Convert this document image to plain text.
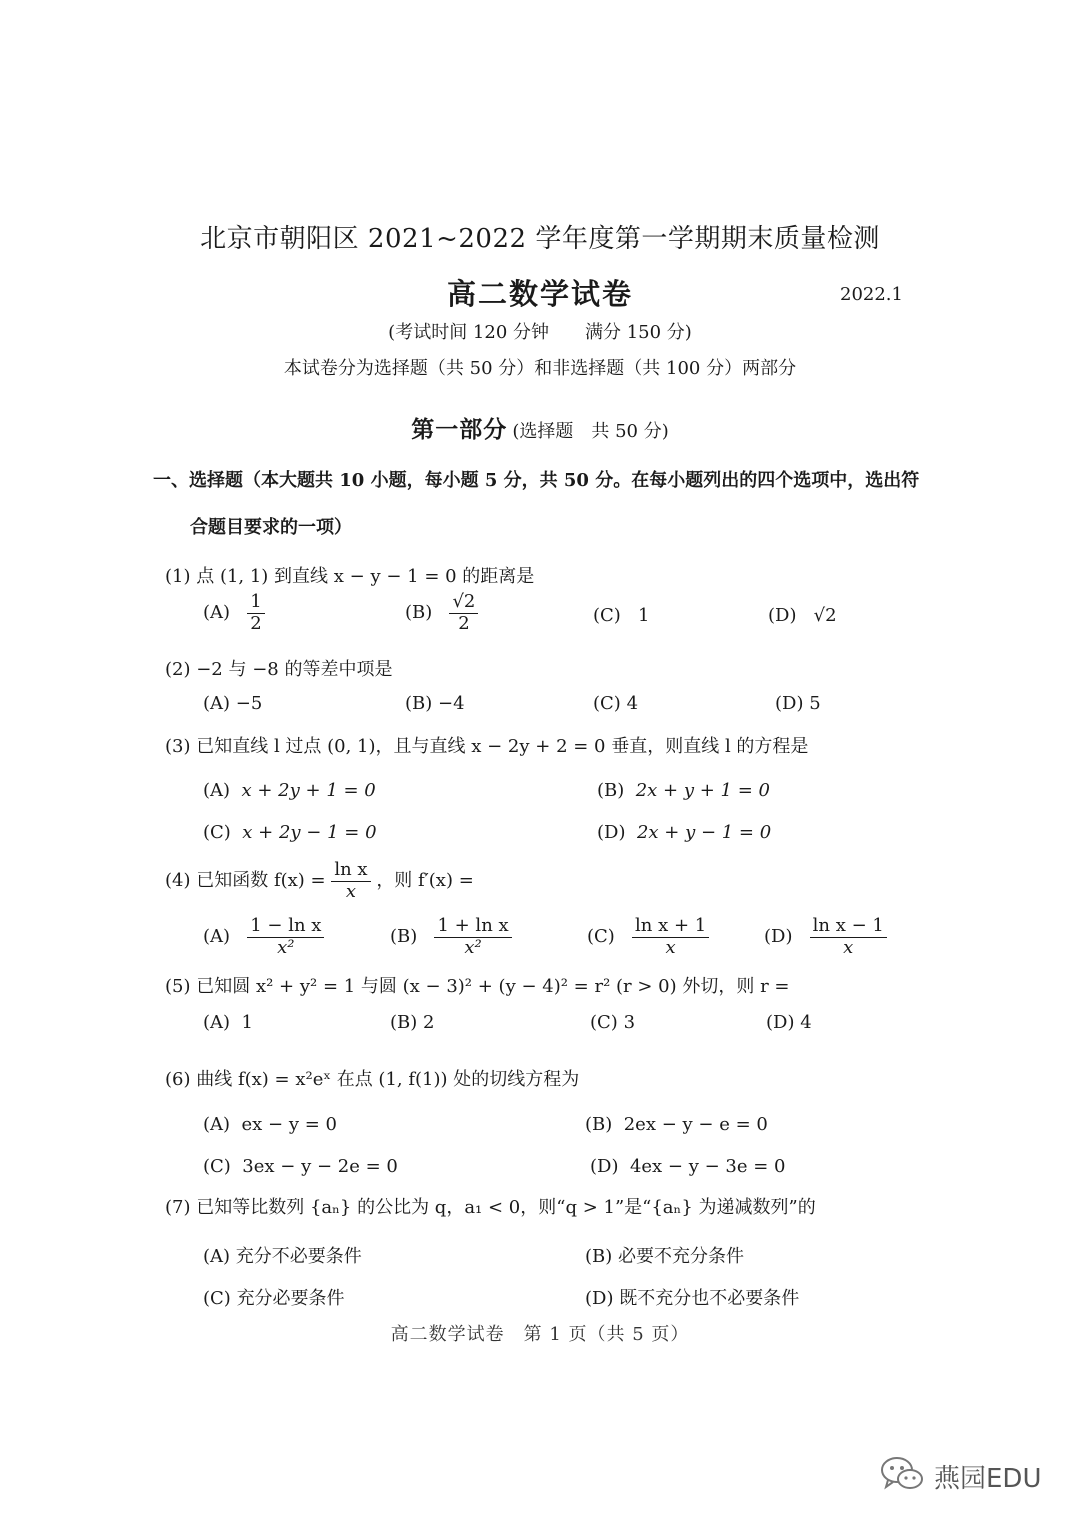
北京市朝阳区 2021~2022 学年度第一学期期末质量检测
高二数学试卷	2022.1
(考试时间 120 分钟　　满分 150 分)
本试卷分为选择题（共 50 分）和非选择题（共 100 分）两部分
第一部分 (选择题　共 50 分)
一、选择题（本大题共 10 小题，每小题 5 分，共 50 分。在每小题列出的四个选项中，选出符
合题目要求的一项）
(1) 点 (1, 1) 到直线 x − y − 1 = 0 的距离是
$(A) \frac{1}{2}$	$(B) \frac{√2}{2}$	(C) 1	(D) √2
(2) −2 与 −8 的等差中项是
(A) −5	(B) −4	(C) 4	(D) 5
(3) 已知直线 l 过点 (0, 1)，且与直线 x − 2y + 2 = 0 垂直，则直线 l 的方程是
(A) x + 2y + 1 = 0	(B) 2x + y + 1 = 0
(C) x + 2y − 1 = 0	(D) 2x + y − 1 = 0
(4) 已知函数 $f(x) = \frac{\text{ln x}}{x}$ ，则 f′(x) =
$(A) \frac{\text{1 − ln x}}{\text{x²}}$	$(B) \frac{\text{1 + ln x}}{\text{x²}}$	$(C) \frac{\text{ln x + 1}}{x}$	$(D) \frac{\text{ln x − 1}}{x}$
(5) 已知圆 x² + y² = 1 与圆 (x − 3)² + (y − 4)² = r² (r > 0) 外切，则 r =
(A) 1	(B) 2	(C) 3	(D) 4
(6) 曲线 f(x) = x²eˣ 在点 (1, f(1)) 处的切线方程为
(A) ex − y = 0	(B) 2ex − y − e = 0
(C) 3ex − y − 2e = 0	(D) 4ex − y − 3e = 0
(7) 已知等比数列 {aₙ} 的公比为 q，a₁ < 0，则“q > 1”是“{aₙ} 为递减数列”的
(A) 充分不必要条件	(B) 必要不充分条件
(C) 充分必要条件	(D) 既不充分也不必要条件
高二数学试卷　第 1 页（共 5 页）
燕园EDU
